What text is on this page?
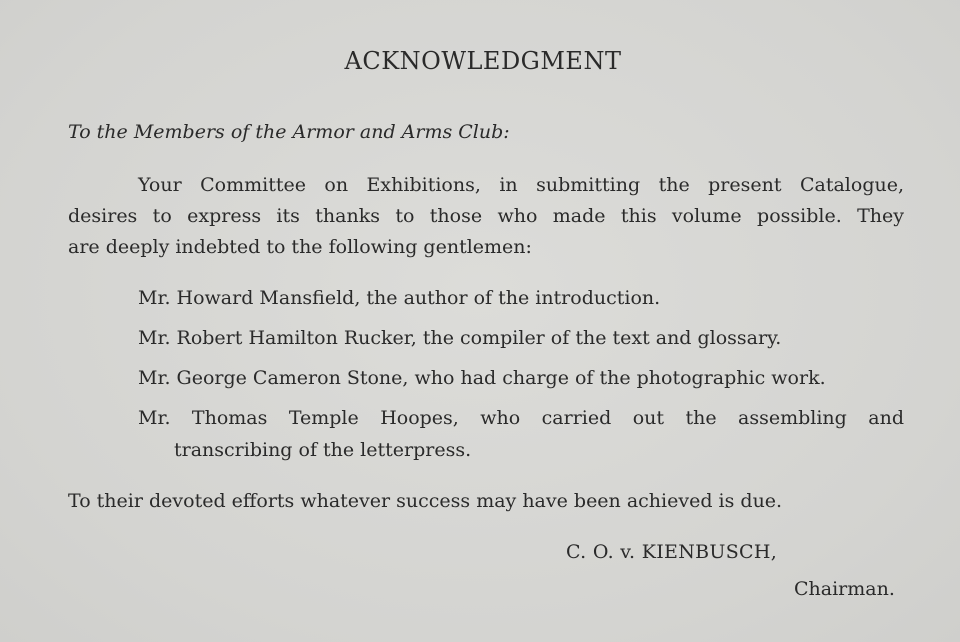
ACKNOWLEDGMENT
To the Members of the Armor and Arms Club:
Your Committee on Exhibitions, in submitting the present Catalogue,
desires to express its thanks to those who made this volume possible. They
are deeply indebted to the following gentlemen:
Mr. Howard Mansfield, the author of the introduction.
Mr. Robert Hamilton Rucker, the compiler of the text and glossary.
Mr. George Cameron Stone, who had charge of the photographic work.
Mr. Thomas Temple Hoopes, who carried out the assembling and
transcribing of the letterpress.
To their devoted efforts whatever success may have been achieved is due.
C. O. v. KIENBUSCH,
Chairman.
